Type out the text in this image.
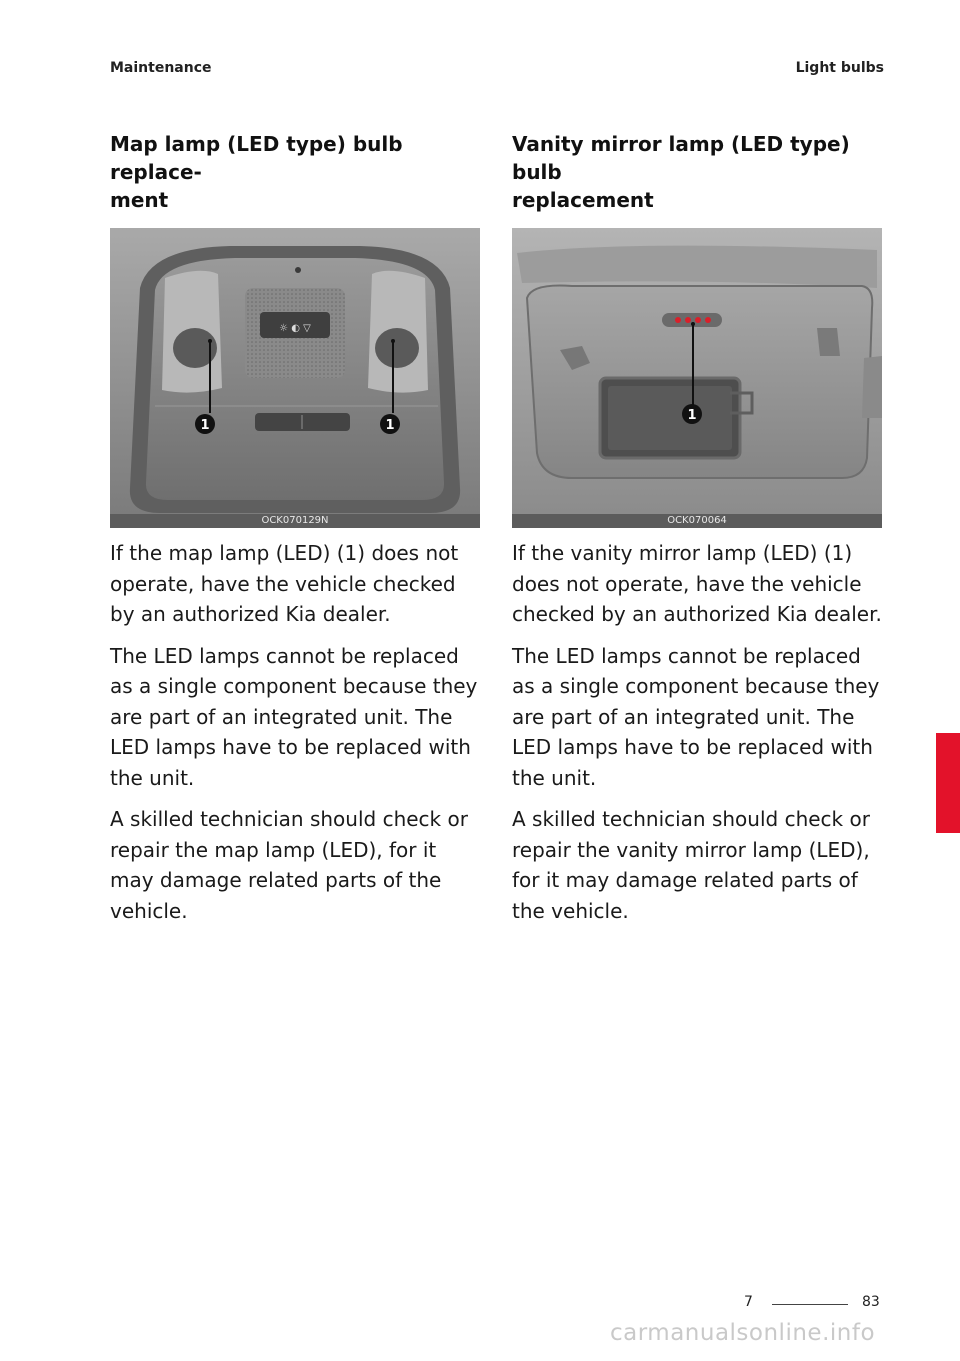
Maintenance	Light bulbs
Map lamp (LED type) bulb replace-
ment
☼ ◐ ▽
1	1
OCK070129N

If the map lamp (LED) (1) does not operate, have the vehicle checked by an authorized Kia dealer.

The LED lamps cannot be replaced as a single component because they are part of an integrated unit. The LED lamps have to be replaced with the unit.

A skilled technician should check or repair the map lamp (LED), for it may damage related parts of the vehicle.

Vanity mirror lamp (LED type) bulb
replacement
1
OCK070064

If the vanity mirror lamp (LED) (1) does not operate, have the vehicle checked by an authorized Kia dealer.

The LED lamps cannot be replaced as a single component because they are part of an integrated unit. The LED lamps have to be replaced with the unit.

A skilled technician should check or repair the vanity mirror lamp (LED), for it may damage related parts of the vehicle.

7
7	83
carmanualsonline.info
